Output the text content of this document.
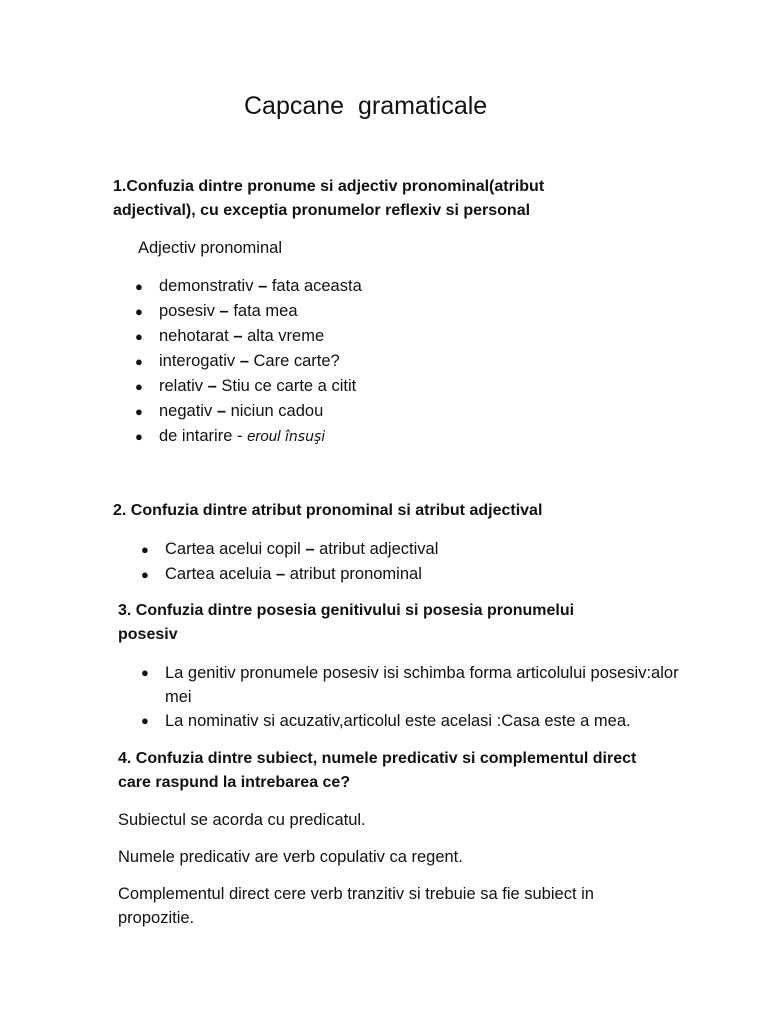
Capcane  gramaticale

1.Confuzia dintre pronume si adjectiv pronominal(atribut adjectival), cu exceptia pronumelor reflexiv si personal

Adjectiv pronominal

● demonstrativ – fata aceasta
● posesiv – fata mea
● nehotarat – alta vreme
● interogativ – Care carte?
● relativ – Stiu ce carte a citit
● negativ – niciun cadou
● de intarire - eroul însuşi

2. Confuzia dintre atribut pronominal si atribut adjectival

● Cartea acelui copil – atribut adjectival
● Cartea aceluia – atribut pronominal

3. Confuzia dintre posesia genitivului si posesia pronumelui posesiv

● La genitiv pronumele posesiv isi schimba forma articolului posesiv:alor mei
● La nominativ si acuzativ,articolul este acelasi :Casa este a mea.

4. Confuzia dintre subiect, numele predicativ si complementul direct care raspund la intrebarea ce?

Subiectul se acorda cu predicatul.

Numele predicativ are verb copulativ ca regent.

Complementul direct cere verb tranzitiv si trebuie sa fie subiect in propozitie.
